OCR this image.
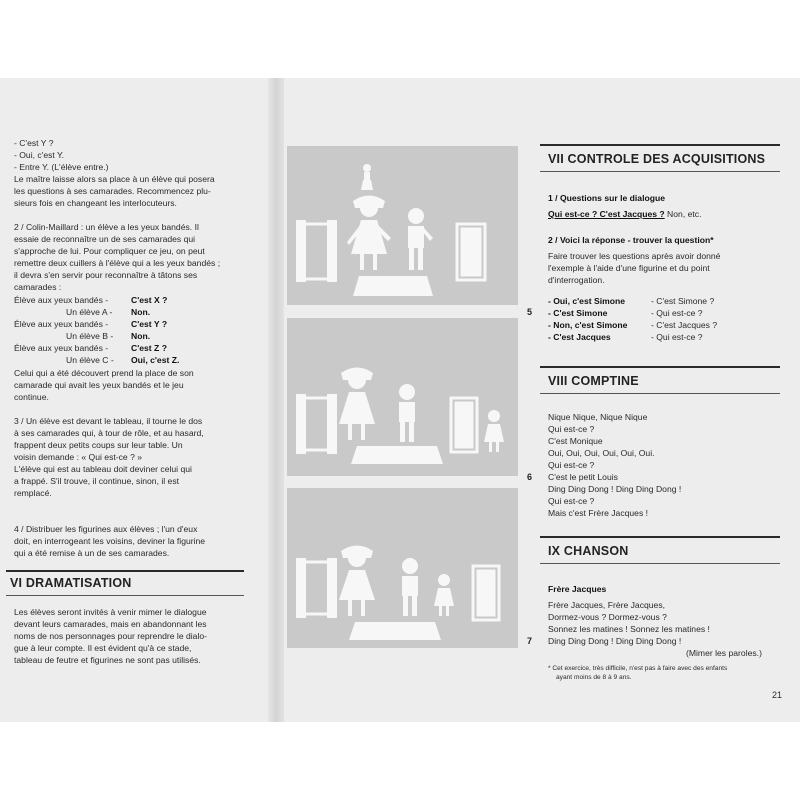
- C'est Y ?
- Oui, c'est Y.
- Entre Y. (L'élève entre.)
Le maître laisse alors sa place à un élève qui posera
les questions à ses camarades. Recommencez plu-
sieurs fois en changeant les interlocuteurs.
2 / Colin-Maillard : un élève a les yeux bandés. Il
essaie de reconnaître un de ses camarades qui
s'approche de lui. Pour compliquer ce jeu, on peut
remettre deux cuillers à l'élève qui a les yeux bandés ;
il devra s'en servir pour reconnaître à tâtons ses
camarades :
Élève aux yeux bandés -	C'est X ?
Un élève A - Non.
Élève aux yeux bandés -	C'est Y ?
Un élève B - Non.
Élève aux yeux bandés -	C'est Z ?
Un élève C - Oui, c'est Z.
Celui qui a été découvert prend la place de son
camarade qui avait les yeux bandés et le jeu
continue.
3 / Un élève est devant le tableau, il tourne le dos
à ses camarades qui, à tour de rôle, et au hasard,
frappent deux petits coups sur leur table. Un
voisin demande : « Qui est-ce ? »
L'élève qui est au tableau doit deviner celui qui
a frappé. S'il trouve, il continue, sinon, il est
remplacé.
4 / Distribuer les figurines aux élèves ; l'un d'eux
doit, en interrogeant les voisins, deviner la figurine
qui a été remise à un de ses camarades.
VI DRAMATISATION
Les élèves seront invités à venir mimer le dialogue
devant leurs camarades, mais en abandonnant les
noms de nos personnages pour reprendre le dialo-
gue à leur compte. Il est évident qu'à ce stade,
tableau de feutre et figurines ne sont pas utilisés.
VII CONTROLE DES ACQUISITIONS
1 / Questions sur le dialogue
Qui est-ce ? C'est Jacques ? Non, etc.
2 / Voici la réponse - trouver la question*
Faire trouver les questions après avoir donné
l'exemple à l'aide d'une figurine et du point
d'interrogation.
5
- Oui, c'est Simone	- C'est Simone ?
- C'est Simone	- Qui est-ce ?
- Non, c'est Simone	- C'est Jacques ?
- C'est Jacques	- Qui est-ce ?
VIII COMPTINE
Nique Nique, Nique Nique
Qui est-ce ?
C'est Monique
Oui, Oui, Oui, Oui, Oui, Oui.
Qui est-ce ?
C'est le petit Louis
Ding Ding Dong ! Ding Ding Dong !
Qui est-ce ?
Mais c'est Frère Jacques !
6
IX CHANSON
Frère Jacques
Frère Jacques, Frère Jacques,
Dormez-vous ? Dormez-vous ?
Sonnez les matines ! Sonnez les matines !
Ding Ding Dong ! Ding Ding Dong !
(Mimer les paroles.)
7
* Cet exercice, très difficile, n'est pas à faire avec des enfants
ayant moins de 8 à 9 ans.
21
